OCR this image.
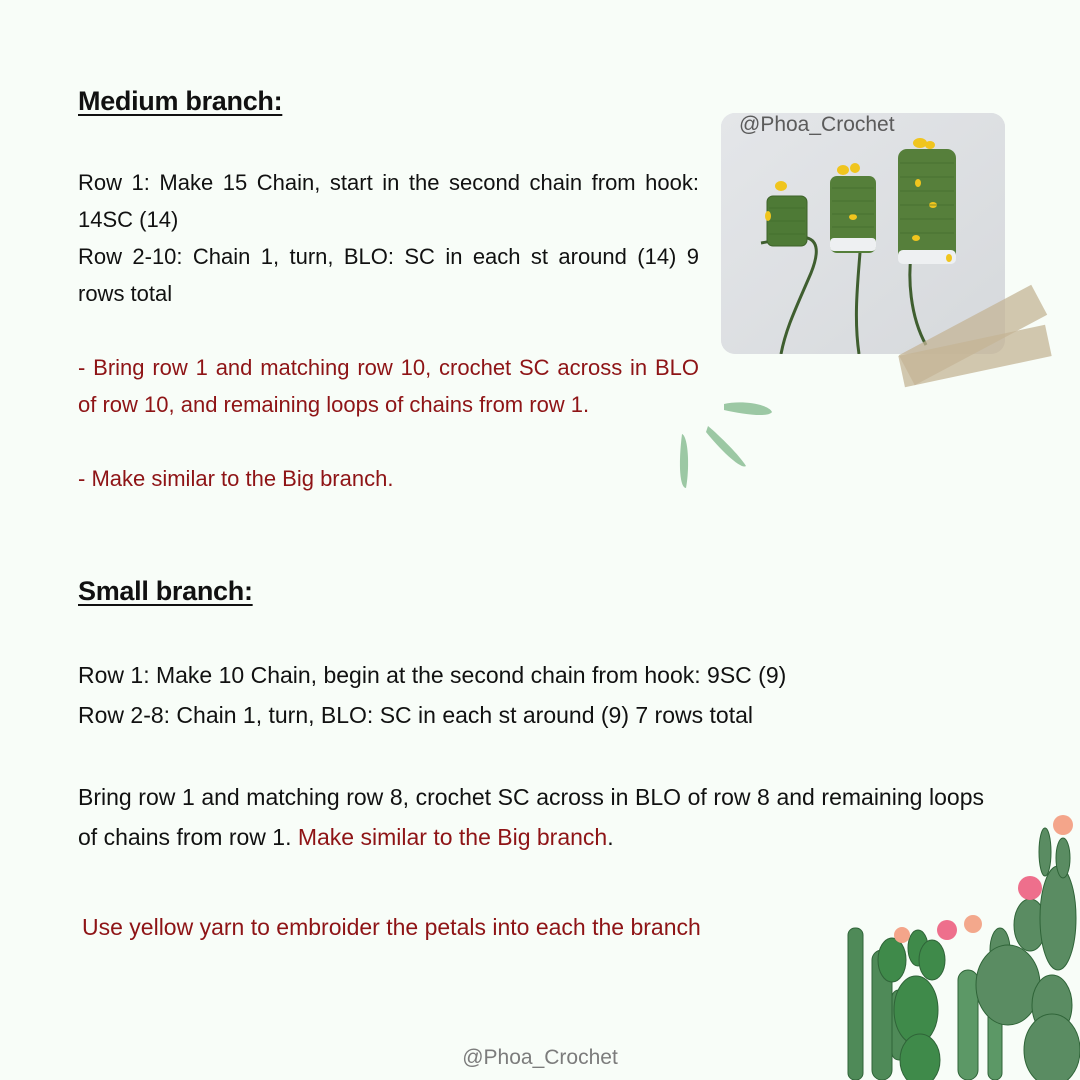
Medium branch:
Row 1: Make 15 Chain, start in the second chain from hook: 14SC (14)
Row 2-10: Chain 1, turn, BLO: SC in each st around (14) 9 rows total
- Bring row 1 and matching row 10, crochet SC across in BLO of row 10, and remaining loops of chains from row 1.
- Make similar to the Big branch.
@Phoa_Crochet
Small branch:
Row 1: Make 10 Chain, begin at the second chain from hook: 9SC (9)
Row 2-8: Chain 1, turn, BLO: SC in each st around (9) 7 rows total
Bring row 1 and matching row 8, crochet SC across in BLO of row 8 and remaining loops of chains from row 1. Make similar to the Big branch.
Use yellow yarn to embroider the petals into each the branch
@Phoa_Crochet
